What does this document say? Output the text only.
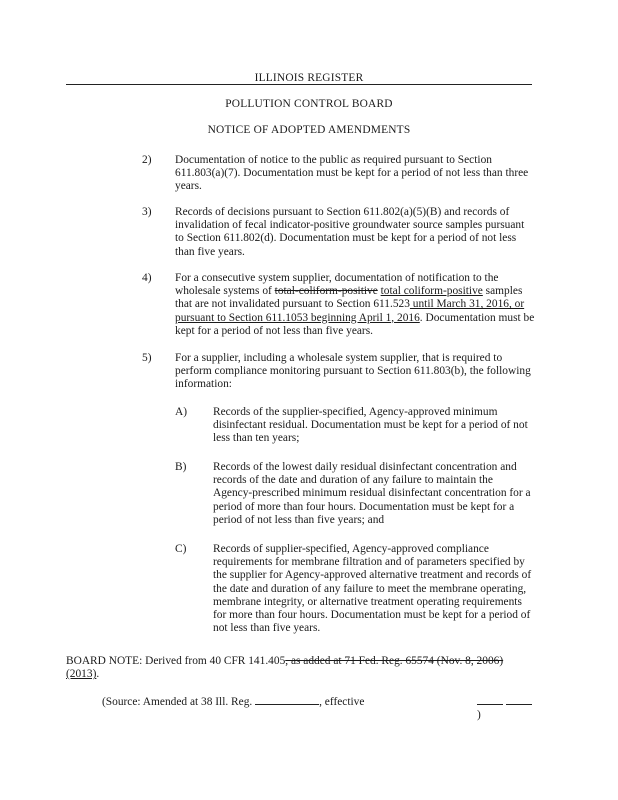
ILLINOIS REGISTER
POLLUTION CONTROL BOARD
NOTICE OF ADOPTED AMENDMENTS
2)	Documentation of notice to the public as required pursuant to Section 611.803(a)(7). Documentation must be kept for a period of not less than three years.
3)	Records of decisions pursuant to Section 611.802(a)(5)(B) and records of invalidation of fecal indicator-positive groundwater source samples pursuant to Section 611.802(d). Documentation must be kept for a period of not less than five years.
4)	For a consecutive system supplier, documentation of notification to the wholesale systems of total-coliform-positive total coliform-positive samples that are not invalidated pursuant to Section 611.523 until March 31, 2016, or pursuant to Section 611.1053 beginning April 1, 2016. Documentation must be kept for a period of not less than five years.
5)	For a supplier, including a wholesale system supplier, that is required to perform compliance monitoring pursuant to Section 611.803(b), the following information:
A)	Records of the supplier-specified, Agency-approved minimum disinfectant residual. Documentation must be kept for a period of not less than ten years;
B)	Records of the lowest daily residual disinfectant concentration and records of the date and duration of any failure to maintain the Agency-prescribed minimum residual disinfectant concentration for a period of more than four hours. Documentation must be kept for a period of not less than five years; and
C)	Records of supplier-specified, Agency-approved compliance requirements for membrane filtration and of parameters specified by the supplier for Agency-approved alternative treatment and records of the date and duration of any failure to meet the membrane operating, membrane integrity, or alternative treatment operating requirements for more than four hours. Documentation must be kept for a period of not less than five years.
BOARD NOTE: Derived from 40 CFR 141.405, as added at 71 Fed. Reg. 65574 (Nov. 8, 2006) (2013).
(Source: Amended at 38 Ill. Reg.	, effective
)
